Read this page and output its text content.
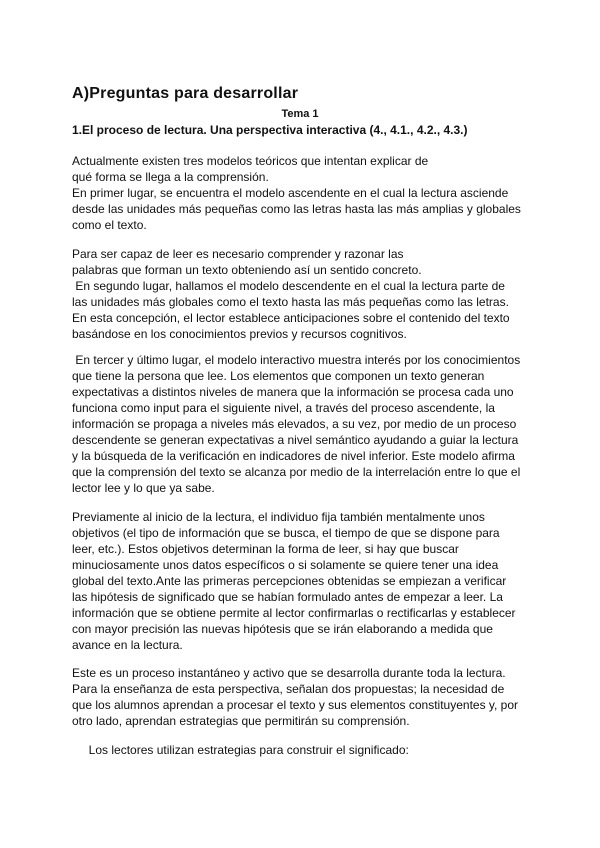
A)Preguntas para desarrollar
Tema 1
1.El proceso de lectura. Una perspectiva interactiva (4., 4.1., 4.2., 4.3.)

Actualmente existen tres modelos teóricos que intentan explicar de
qué forma se llega a la comprensión.
En primer lugar, se encuentra el modelo ascendente en el cual la lectura asciende
desde las unidades más pequeñas como las letras hasta las más amplias y globales
como el texto.

Para ser capaz de leer es necesario comprender y razonar las
palabras que forman un texto obteniendo así un sentido concreto.
En segundo lugar, hallamos el modelo descendente en el cual la lectura parte de
las unidades más globales como el texto hasta las más pequeñas como las letras.
En esta concepción, el lector establece anticipaciones sobre el contenido del texto
basándose en los conocimientos previos y recursos cognitivos.

En tercer y último lugar, el modelo interactivo muestra interés por los conocimientos
que tiene la persona que lee. Los elementos que componen un texto generan
expectativas a distintos niveles de manera que la información se procesa cada uno
funciona como input para el siguiente nivel, a través del proceso ascendente, la
información se propaga a niveles más elevados, a su vez, por medio de un proceso
descendente se generan expectativas a nivel semántico ayudando a guiar la lectura
y la búsqueda de la verificación en indicadores de nivel inferior. Este modelo afirma
que la comprensión del texto se alcanza por medio de la interrelación entre lo que el
lector lee y lo que ya sabe.

Previamente al inicio de la lectura, el individuo fija también mentalmente unos
objetivos (el tipo de información que se busca, el tiempo de que se dispone para
leer, etc.). Estos objetivos determinan la forma de leer, si hay que buscar
minuciosamente unos datos específicos o si solamente se quiere tener una idea
global del texto.Ante las primeras percepciones obtenidas se empiezan a verificar
las hipótesis de significado que se habían formulado antes de empezar a leer. La
información que se obtiene permite al lector confirmarlas o rectificarlas y establecer
con mayor precisión las nuevas hipótesis que se irán elaborando a medida que
avance en la lectura.

Este es un proceso instantáneo y activo que se desarrolla durante toda la lectura.
Para la enseñanza de esta perspectiva, señalan dos propuestas; la necesidad de
que los alumnos aprendan a procesar el texto y sus elementos constituyentes y, por
otro lado, aprendan estrategias que permitirán su comprensión.

Los lectores utilizan estrategias para construir el significado:
